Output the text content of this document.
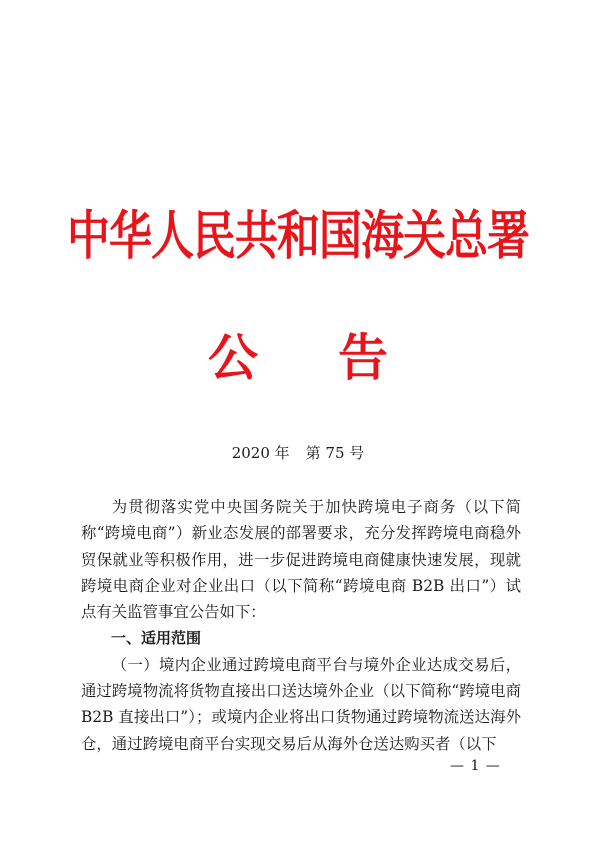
中华人民共和国海关总署
公告
2020 年 第 75 号

为贯彻落实党中央国务院关于加快跨境电子商务（以下简称“跨境电商”）新业态发展的部署要求，充分发挥跨境电商稳外贸保就业等积极作用，进一步促进跨境电商健康快速发展，现就跨境电商企业对企业出口（以下简称“跨境电商 B2B 出口”）试点有关监管事宜公告如下：

一、适用范围

（一）境内企业通过跨境电商平台与境外企业达成交易后，通过跨境物流将货物直接出口送达境外企业（以下简称“跨境电商 B2B 直接出口”）；或境内企业将出口货物通过跨境物流送达海外仓，通过跨境电商平台实现交易后从海外仓送达购买者（以下

— 1 —
